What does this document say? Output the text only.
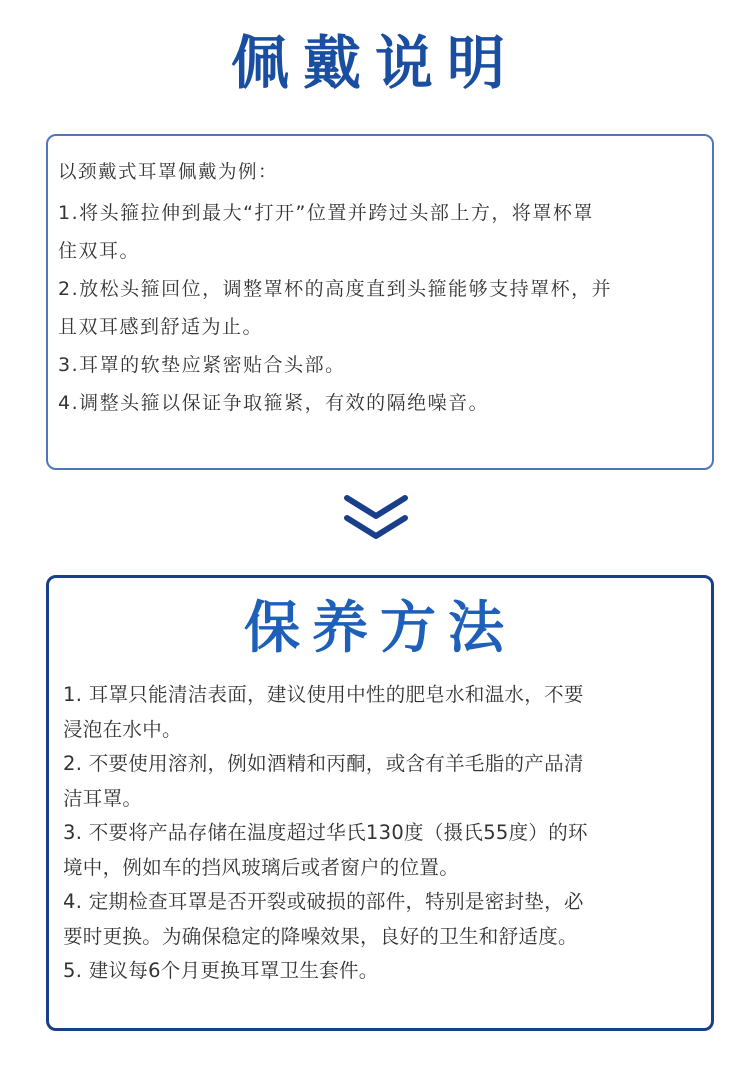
佩戴说明
以颈戴式耳罩佩戴为例：
1.将头箍拉伸到最大“打开”位置并跨过头部上方，将罩杯罩
住双耳。
2.放松头箍回位，调整罩杯的高度直到头箍能够支持罩杯，并
且双耳感到舒适为止。
3.耳罩的软垫应紧密贴合头部。
4.调整头箍以保证争取箍紧，有效的隔绝噪音。
保养方法
1. 耳罩只能清洁表面，建议使用中性的肥皂水和温水，不要
浸泡在水中。
2. 不要使用溶剂，例如酒精和丙酮，或含有羊毛脂的产品清
洁耳罩。
3. 不要将产品存储在温度超过华氏130度（摄氏55度）的环
境中，例如车的挡风玻璃后或者窗户的位置。
4. 定期检查耳罩是否开裂或破损的部件，特别是密封垫，必
要时更换。为确保稳定的降噪效果，良好的卫生和舒适度。
5. 建议每6个月更换耳罩卫生套件。
